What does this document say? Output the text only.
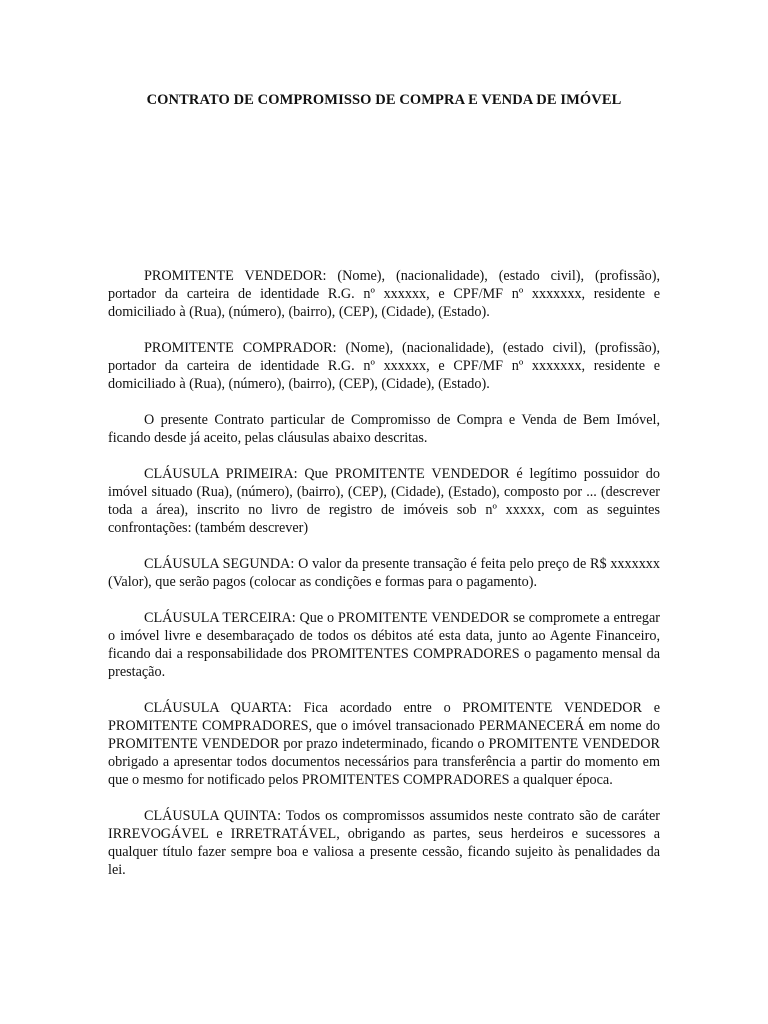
CONTRATO DE COMPROMISSO DE COMPRA E VENDA DE IMÓVEL

PROMITENTE VENDEDOR: (Nome), (nacionalidade), (estado civil), (profissão), portador da carteira de identidade R.G. nº xxxxxx, e CPF/MF nº xxxxxxx, residente e domiciliado à (Rua), (número), (bairro), (CEP), (Cidade), (Estado).

PROMITENTE COMPRADOR: (Nome), (nacionalidade), (estado civil), (profissão), portador da carteira de identidade R.G. nº xxxxxx, e CPF/MF nº xxxxxxx, residente e domiciliado à (Rua), (número), (bairro), (CEP), (Cidade), (Estado).

O presente Contrato particular de Compromisso de Compra e Venda de Bem Imóvel, ficando desde já aceito, pelas cláusulas abaixo descritas.

CLÁUSULA PRIMEIRA: Que PROMITENTE VENDEDOR é legítimo possuidor do imóvel situado (Rua), (número), (bairro), (CEP), (Cidade), (Estado), composto por ... (descrever toda a área), inscrito no livro de registro de imóveis sob nº xxxxx, com as seguintes confrontações: (também descrever)

CLÁUSULA SEGUNDA: O valor da presente transação é feita pelo preço de R$ xxxxxxx (Valor), que serão pagos (colocar as condições e formas para o pagamento).

CLÁUSULA TERCEIRA: Que o PROMITENTE VENDEDOR se compromete a entregar o imóvel livre e desembaraçado de todos os débitos até esta data, junto ao Agente Financeiro, ficando dai a responsabilidade dos PROMITENTES COMPRADORES o pagamento mensal da prestação.

CLÁUSULA QUARTA: Fica acordado entre o PROMITENTE VENDEDOR e PROMITENTE COMPRADORES, que o imóvel transacionado PERMANECERÁ em nome do PROMITENTE VENDEDOR por prazo indeterminado, ficando o PROMITENTE VENDEDOR obrigado a apresentar todos documentos necessários para transferência a partir do momento em que o mesmo for notificado pelos PROMITENTES COMPRADORES a qualquer época.

CLÁUSULA QUINTA: Todos os compromissos assumidos neste contrato são de caráter IRREVOGÁVEL e IRRETRATÁVEL, obrigando as partes, seus herdeiros e sucessores a qualquer título fazer sempre boa e valiosa a presente cessão, ficando sujeito às penalidades da lei.
